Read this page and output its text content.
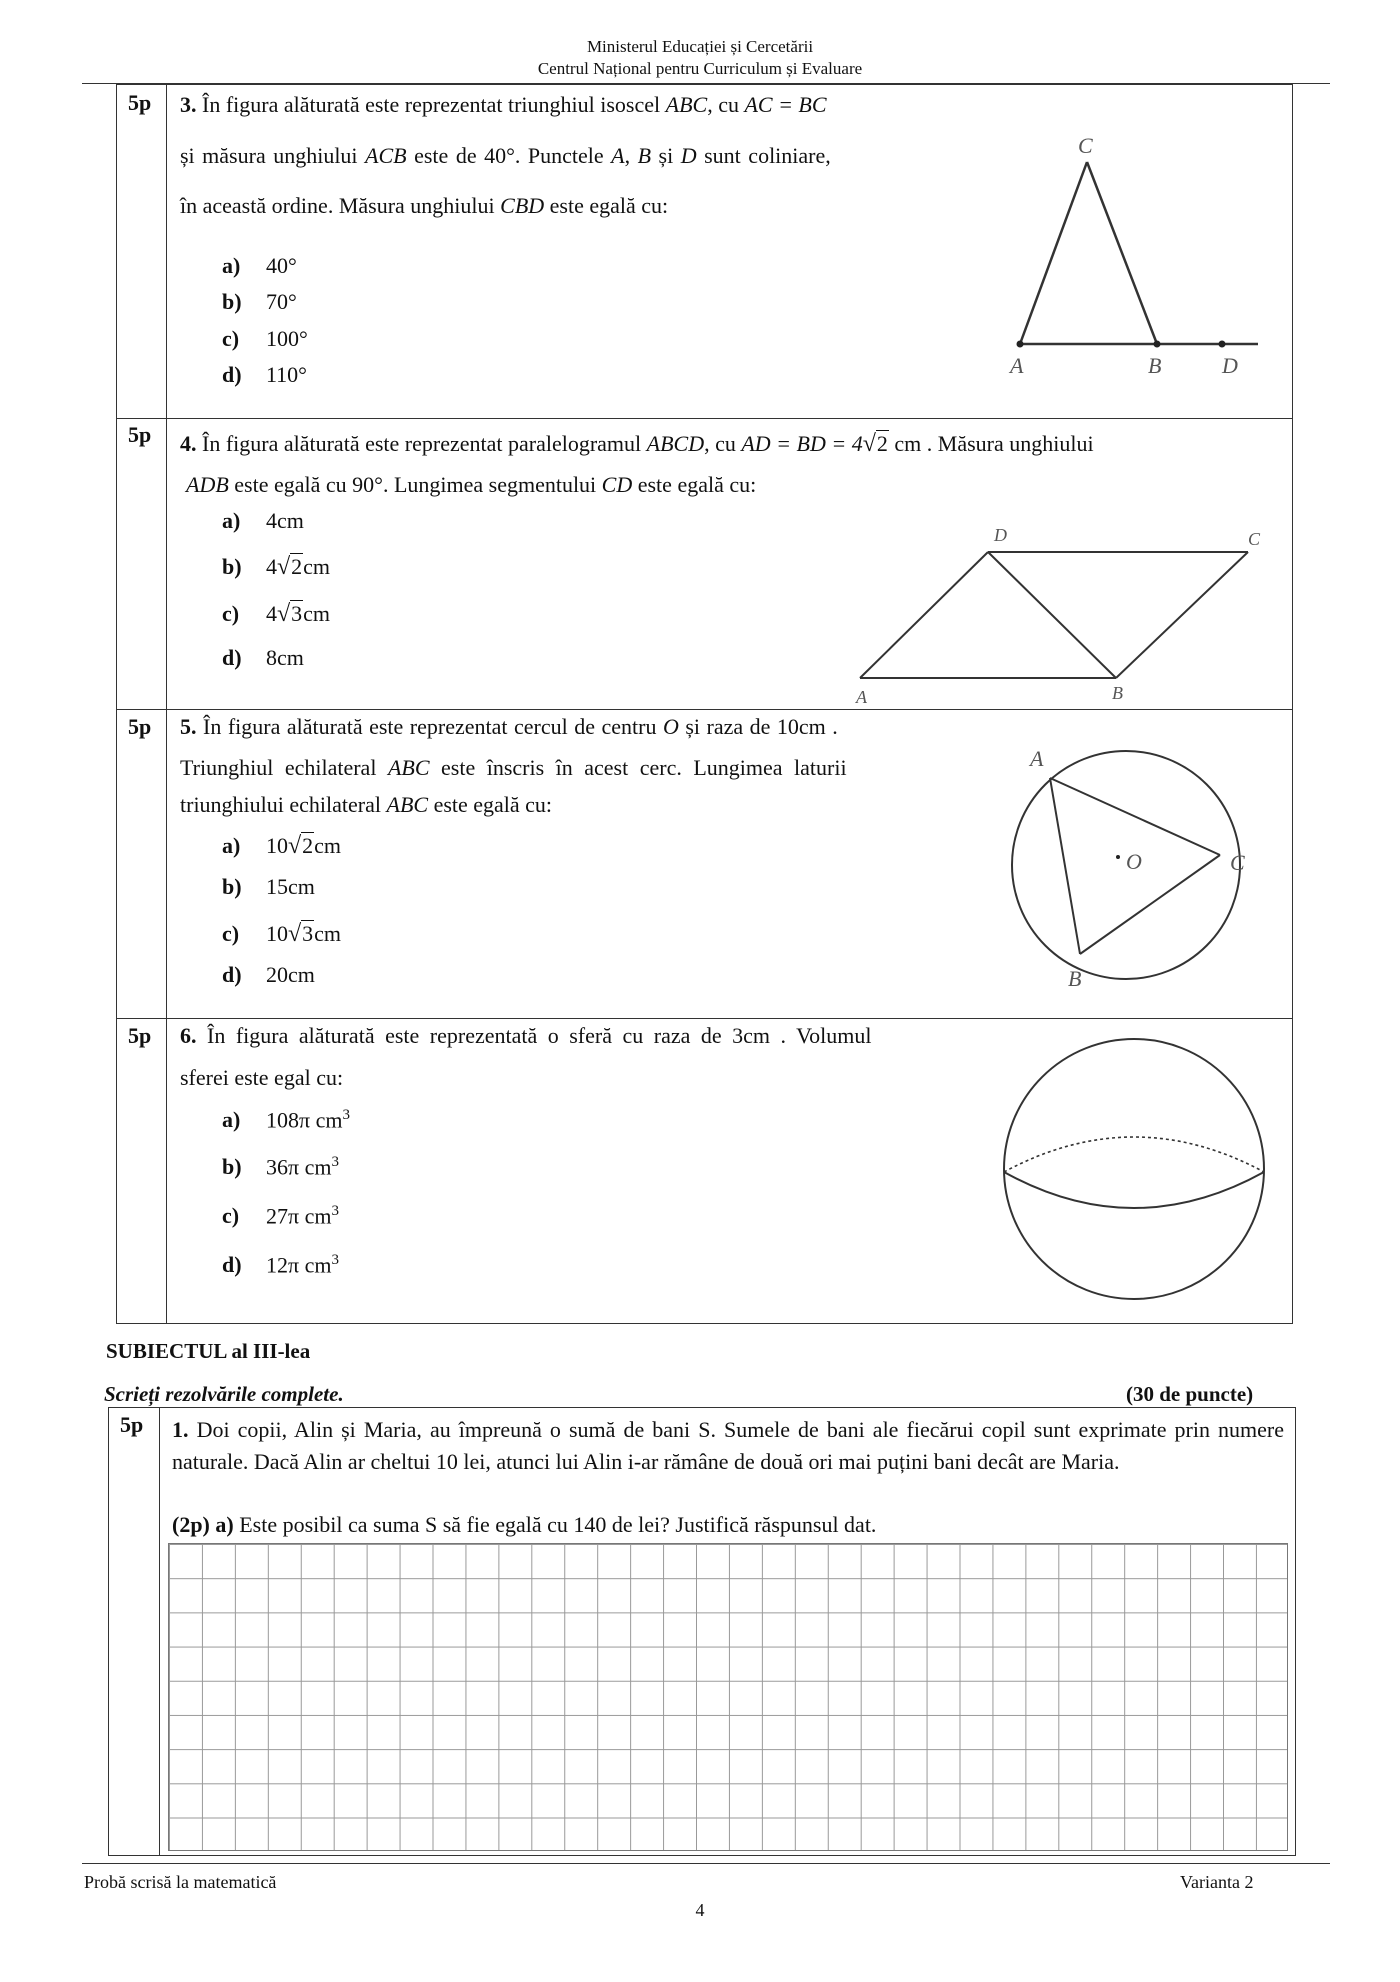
Ministerul Educației și Cercetării
Centrul Național pentru Curriculum și Evaluare
5p 3. În figura alăturată este reprezentat triunghiul isoscel ABC, cu AC = BC
și măsura unghiului ACB este de 40°. Punctele A, B și D sunt coliniare,
în această ordine. Măsura unghiului CBD este egală cu:
a) 40°
b) 70°
c) 100°
d) 110°
C
A	B	D
5p 4. În figura alăturată este reprezentat paralelogramul ABCD, cu AD = BD = 4√2 cm . Măsura unghiului
ADB este egală cu 90°. Lungimea segmentului CD este egală cu:
a) 4cm
b) 4√2cm
c) 4√3cm
d) 8cm
A	B
C
D
5p 5. În figura alăturată este reprezentat cercul de centru O și raza de 10cm .
Triunghiul echilateral ABC este înscris în acest cerc. Lungimea laturii
triunghiului echilateral ABC este egală cu:
a) 10√2cm
b) 15cm
c) 10√3cm
d) 20cm
A
B
C
O
5p 6. În figura alăturată este reprezentată o sferă cu raza de 3cm . Volumul
sferei este egal cu:
a) 108π $cm^3$
b) 36π $cm^3$
c) 27π $cm^3$
d) 12π $cm^3$
SUBIECTUL al III-lea
Scrieți rezolvările complete.	(30 de puncte)
5p 1. Doi copii, Alin și Maria, au împreună o sumă de bani S. Sumele de bani ale fiecărui copil sunt exprimate prin numere naturale. Dacă Alin ar cheltui 10 lei, atunci lui Alin i-ar rămâne de două ori mai puțini bani decât are Maria.
(2p) a) Este posibil ca suma S să fie egală cu 140 de lei? Justifică răspunsul dat.
Probă scrisă la matematică	Varianta 2
4
